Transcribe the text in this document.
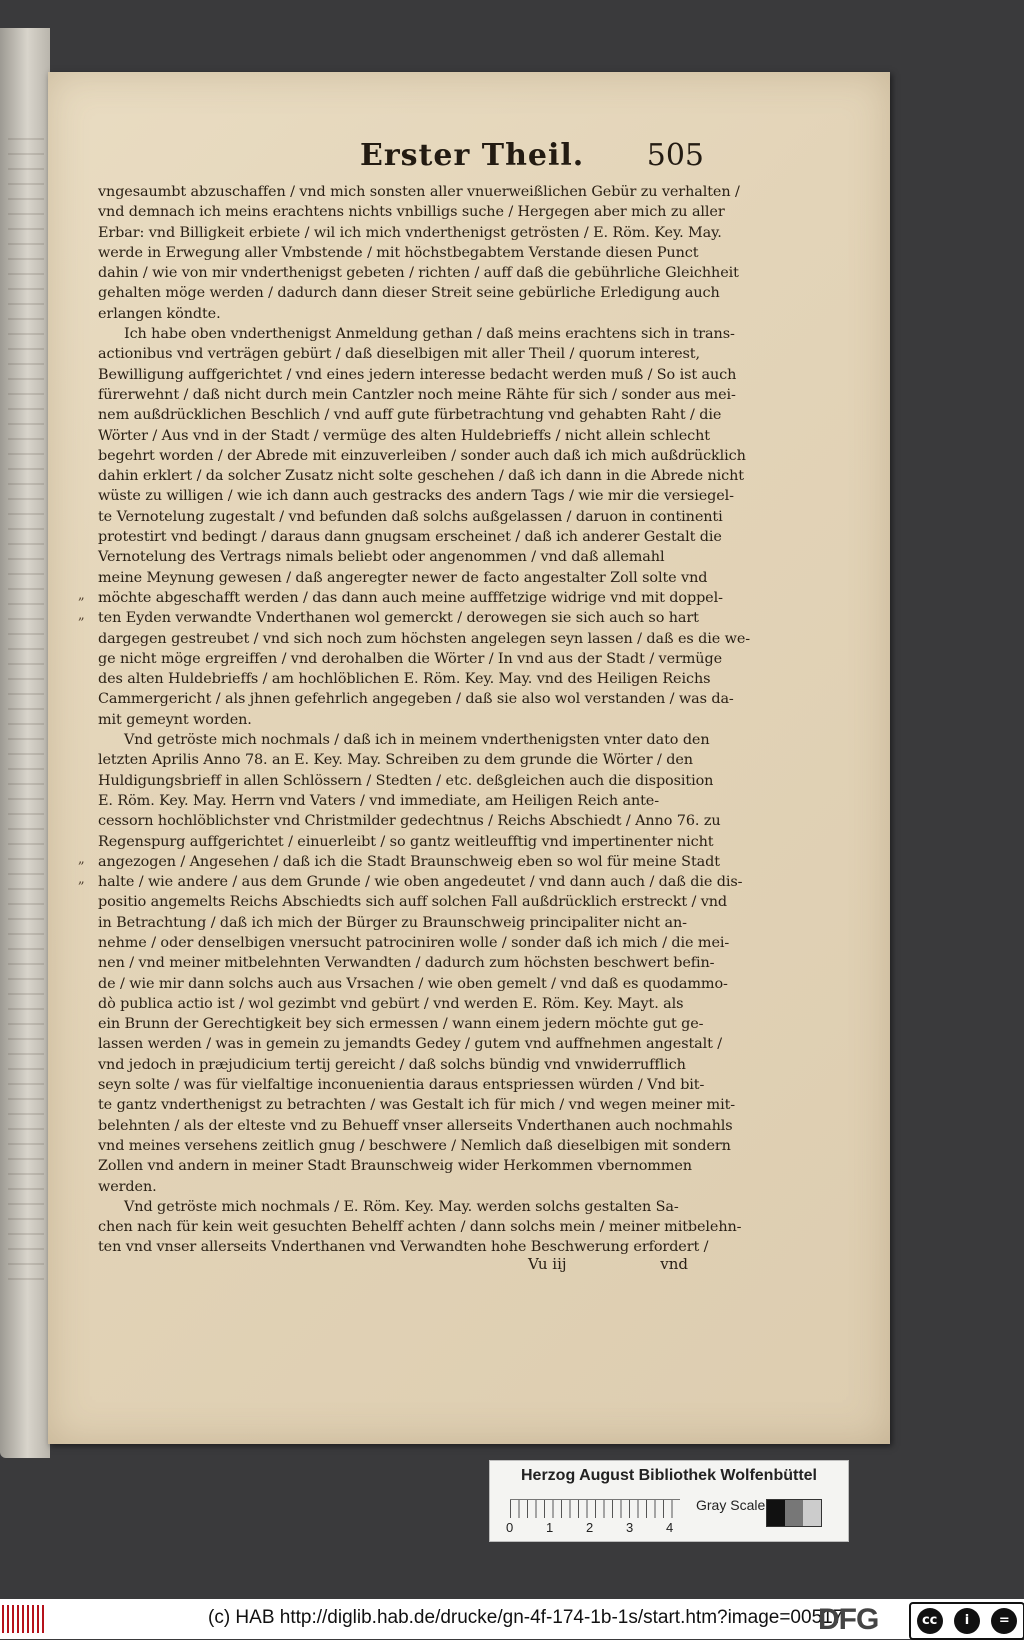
Erster Theil. 505
„
„
„
„
vngesaumbt abzuschaffen / vnd mich sonsten aller vnuerweißlichen Gebür zu verhalten /
vnd demnach ich meins erachtens nichts vnbilligs suche / Hergegen aber mich zu aller
Erbar: vnd Billigkeit erbiete / wil ich mich vnderthenigst getrösten / E. Röm. Key. May.
werde in Erwegung aller Vmbstende / mit höchstbegabtem Verstande diesen Punct
dahin / wie von mir vnderthenigst gebeten / richten / auff daß die gebührliche Gleichheit
gehalten möge werden / dadurch dann dieser Streit seine gebürliche Erledigung auch
erlangen köndte.
Ich habe oben vnderthenigst Anmeldung gethan / daß meins erachtens sich in trans-
actionibus vnd verträgen gebürt / daß dieselbigen mit aller Theil / quorum interest,
Bewilligung auffgerichtet / vnd eines jedern interesse bedacht werden muß / So ist auch
fürerwehnt / daß nicht durch mein Cantzler noch meine Rähte für sich / sonder aus mei-
nem außdrücklichen Beschlich / vnd auff gute fürbetrachtung vnd gehabten Raht / die
Wörter / Aus vnd in der Stadt / vermüge des alten Huldebrieffs / nicht allein schlecht
begehrt worden / der Abrede mit einzuverleiben / sonder auch daß ich mich außdrücklich
dahin erklert / da solcher Zusatz nicht solte geschehen / daß ich dann in die Abrede nicht
wüste zu willigen / wie ich dann auch gestracks des andern Tags / wie mir die versiegel-
te Vernotelung zugestalt / vnd befunden daß solchs außgelassen / daruon in continenti
protestirt vnd bedingt / daraus dann gnugsam erscheinet / daß ich anderer Gestalt die
Vernotelung des Vertrags nimals beliebt oder angenommen / vnd daß allemahl
meine Meynung gewesen / daß angeregter newer de facto angestalter Zoll solte vnd
möchte abgeschafft werden / das dann auch meine aufffetzige widrige vnd mit doppel-
ten Eyden verwandte Vnderthanen wol gemerckt / derowegen sie sich auch so hart
dargegen gestreubet / vnd sich noch zum höchsten angelegen seyn lassen / daß es die we-
ge nicht möge ergreiffen / vnd derohalben die Wörter / In vnd aus der Stadt / vermüge
des alten Huldebrieffs / am hochlöblichen E. Röm. Key. May. vnd des Heiligen Reichs
Cammergericht / als jhnen gefehrlich angegeben / daß sie also wol verstanden / was da-
mit gemeynt worden.
Vnd getröste mich nochmals / daß ich in meinem vnderthenigsten vnter dato den
letzten Aprilis Anno 78. an E. Key. May. Schreiben zu dem grunde die Wörter / den
Huldigungsbrieff in allen Schlössern / Stedten / etc. deßgleichen auch die disposition
E. Röm. Key. May. Herrn vnd Vaters / vnd immediate, am Heiligen Reich ante-
cessorn hochlöblichster vnd Christmilder gedechtnus / Reichs Abschiedt / Anno 76. zu
Regenspurg auffgerichtet / einuerleibt / so gantz weitleufftig vnd impertinenter nicht
angezogen / Angesehen / daß ich die Stadt Braunschweig eben so wol für meine Stadt
halte / wie andere / aus dem Grunde / wie oben angedeutet / vnd dann auch / daß die dis-
positio angemelts Reichs Abschiedts sich auff solchen Fall außdrücklich erstreckt / vnd
in Betrachtung / daß ich mich der Bürger zu Braunschweig principaliter nicht an-
nehme / oder denselbigen vnersucht patrociniren wolle / sonder daß ich mich / die mei-
nen / vnd meiner mitbelehnten Verwandten / dadurch zum höchsten beschwert befin-
de / wie mir dann solchs auch aus Vrsachen / wie oben gemelt / vnd daß es quodammo-
dò publica actio ist / wol gezimbt vnd gebürt / vnd werden E. Röm. Key. Mayt. als
ein Brunn der Gerechtigkeit bey sich ermessen / wann einem jedern möchte gut ge-
lassen werden / was in gemein zu jemandts Gedey / gutem vnd auffnehmen angestalt /
vnd jedoch in præjudicium tertij gereicht / daß solchs bündig vnd vnwiderrufflich
seyn solte / was für vielfaltige inconuenientia daraus entspriessen würden / Vnd bit-
te gantz vnderthenigst zu betrachten / was Gestalt ich für mich / vnd wegen meiner mit-
belehnten / als der elteste vnd zu Behueff vnser allerseits Vnderthanen auch nochmahls
vnd meines versehens zeitlich gnug / beschwere / Nemlich daß dieselbigen mit sondern
Zollen vnd andern in meiner Stadt Braunschweig wider Herkommen vbernommen
werden.
Vnd getröste mich nochmals / E. Röm. Key. May. werden solchs gestalten Sa-
chen nach für kein weit gesuchten Behelff achten / dann solchs mein / meiner mitbelehn-
ten vnd vnser allerseits Vnderthanen vnd Verwandten hohe Beschwerung erfordert /
Vu iij	vnd
Herzog August Bibliothek Wolfenbüttel
0	1	2	3	4
Gray Scale
(c) HAB http://diglib.hab.de/drucke/gn-4f-174-1b-1s/start.htm?image=00517
DFG	cc	i	=
